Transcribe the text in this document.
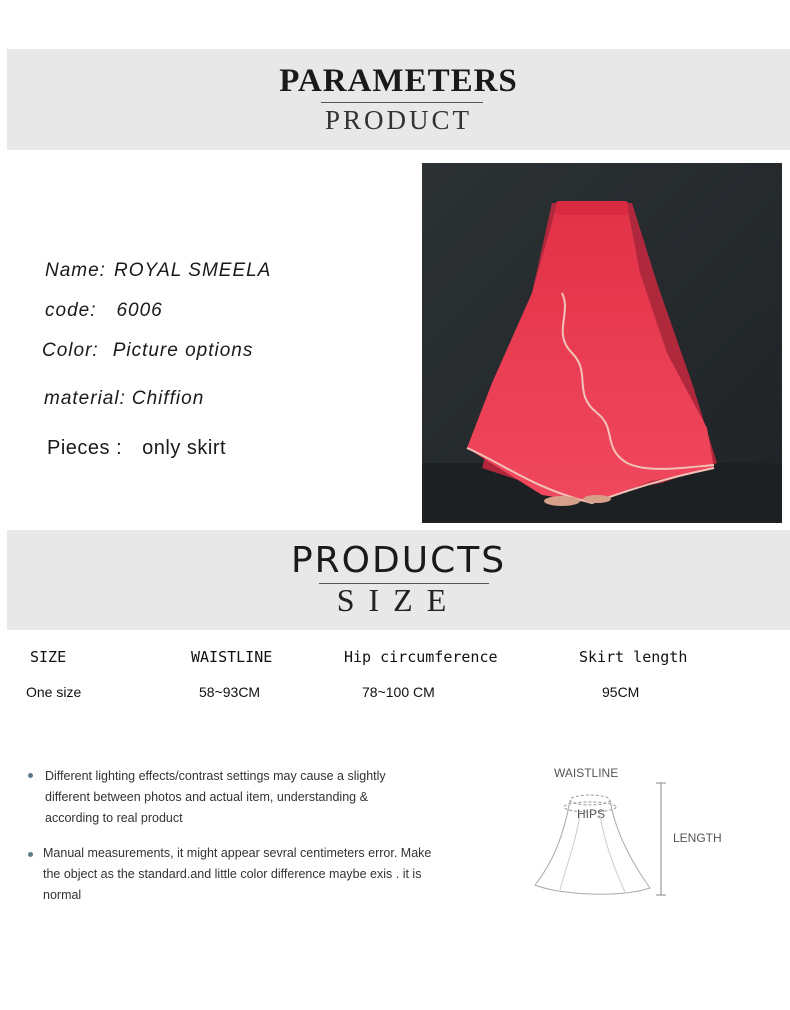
PARAMETERS
PRODUCT
Name: ROYAL SMEELA
code: 6006
Color: Picture options
material: Chiffion
Pieces : only skirt
PRODUCTS
SIZE
SIZE	WAISTLINE	Hip circumference	Skirt length
One size	58~93CM	78~100 CM	95CM
Different lighting effects/contrast settings may cause a slightly different between photos and actual item, understanding & according to real product
Manual measurements, it might appear sevral centimeters error. Make the object as the standard.and little color difference maybe exis . it is normal
WAISTLINE
HIPS
LENGTH
